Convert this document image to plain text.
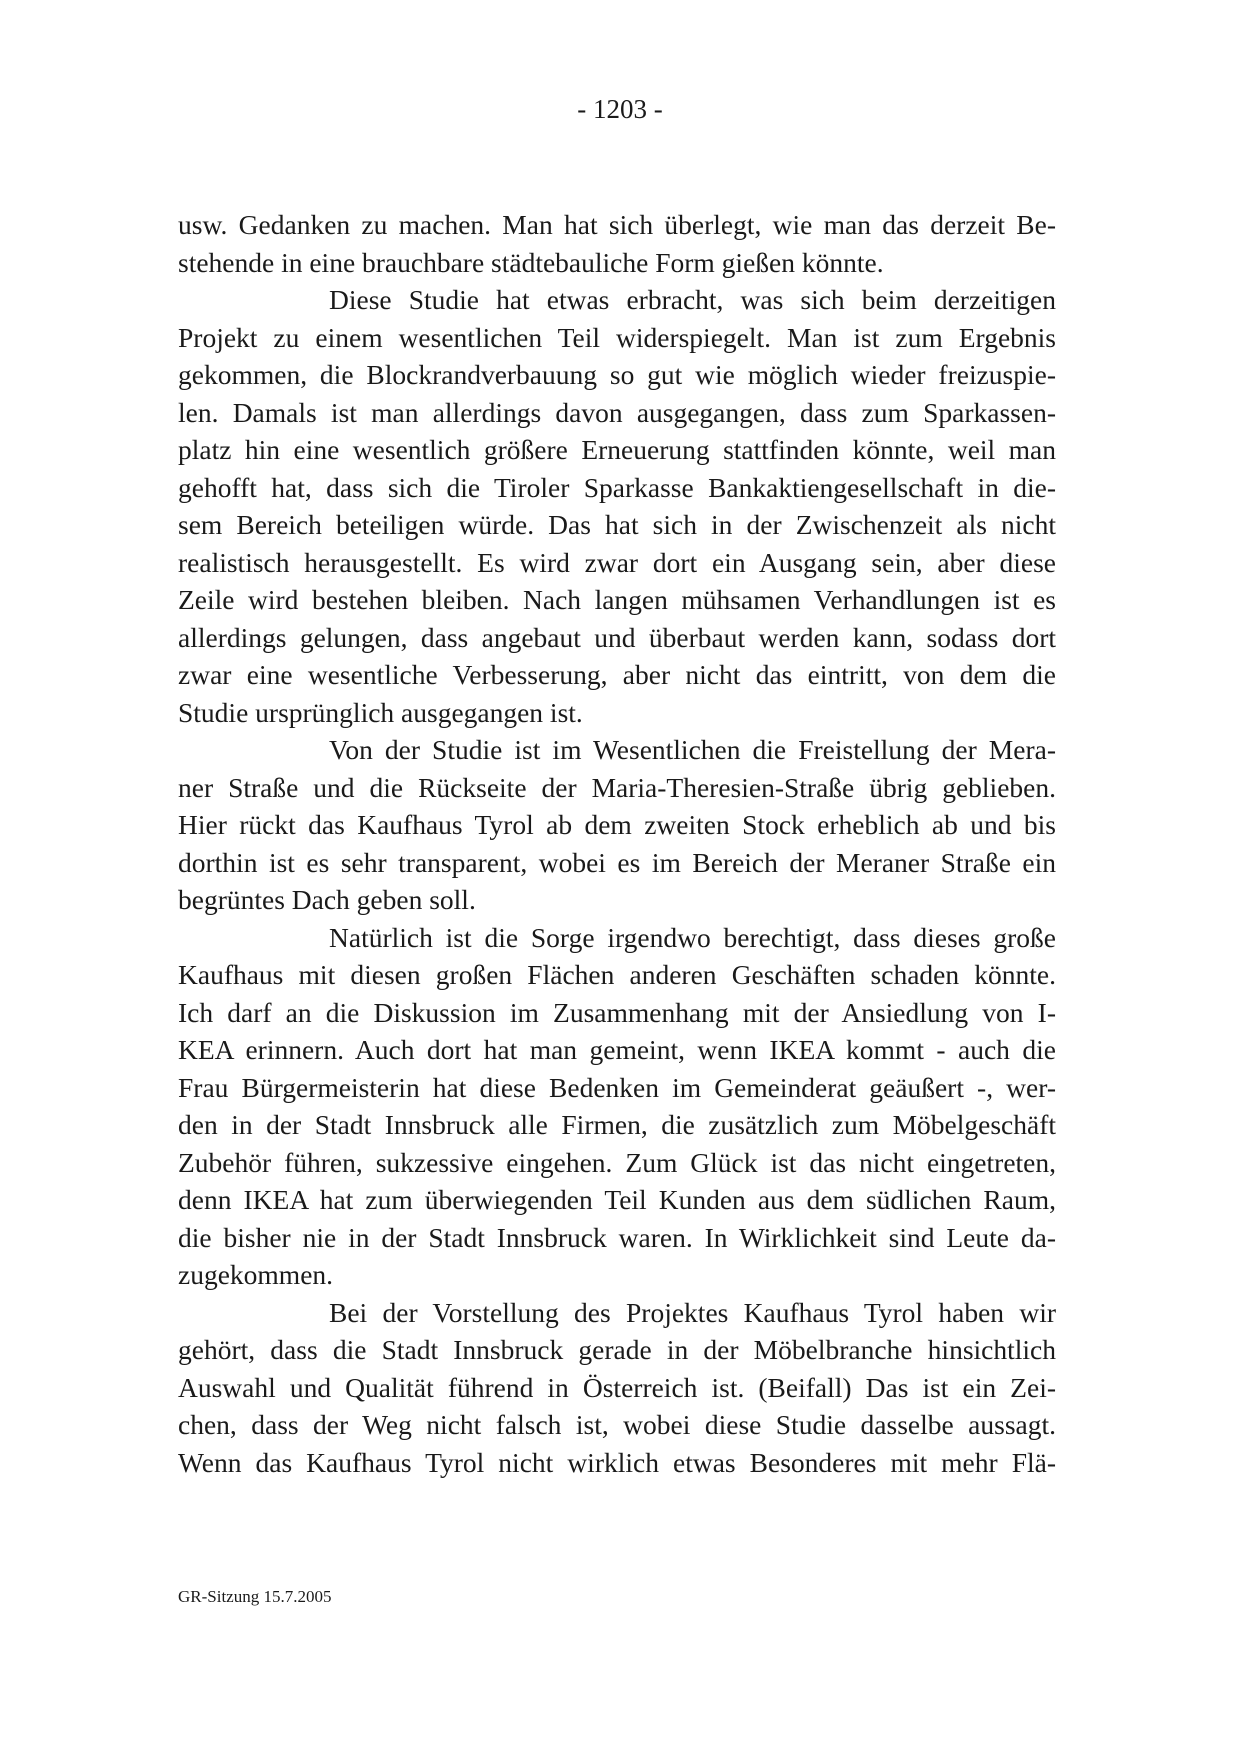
- 1203 -
usw. Gedanken zu machen. Man hat sich überlegt, wie man das derzeit Be-
stehende in eine brauchbare städtebauliche Form gießen könnte.
Diese Studie hat etwas erbracht, was sich beim derzeitigen
Projekt zu einem wesentlichen Teil widerspiegelt. Man ist zum Ergebnis
gekommen, die Blockrandverbauung so gut wie möglich wieder freizuspie-
len. Damals ist man allerdings davon ausgegangen, dass zum Sparkassen-
platz hin eine wesentlich größere Erneuerung stattfinden könnte, weil man
gehofft hat, dass sich die Tiroler Sparkasse Bankaktiengesellschaft in die-
sem Bereich beteiligen würde. Das hat sich in der Zwischenzeit als nicht
realistisch herausgestellt. Es wird zwar dort ein Ausgang sein, aber diese
Zeile wird bestehen bleiben. Nach langen mühsamen Verhandlungen ist es
allerdings gelungen, dass angebaut und überbaut werden kann, sodass dort
zwar eine wesentliche Verbesserung, aber nicht das eintritt, von dem die
Studie ursprünglich ausgegangen ist.
Von der Studie ist im Wesentlichen die Freistellung der Mera-
ner Straße und die Rückseite der Maria-Theresien-Straße übrig geblieben.
Hier rückt das Kaufhaus Tyrol ab dem zweiten Stock erheblich ab und bis
dorthin ist es sehr transparent, wobei es im Bereich der Meraner Straße ein
begrüntes Dach geben soll.
Natürlich ist die Sorge irgendwo berechtigt, dass dieses große
Kaufhaus mit diesen großen Flächen anderen Geschäften schaden könnte.
Ich darf an die Diskussion im Zusammenhang mit der Ansiedlung von I-
KEA erinnern. Auch dort hat man gemeint, wenn IKEA kommt - auch die
Frau Bürgermeisterin hat diese Bedenken im Gemeinderat geäußert -, wer-
den in der Stadt Innsbruck alle Firmen, die zusätzlich zum Möbelgeschäft
Zubehör führen, sukzessive eingehen. Zum Glück ist das nicht eingetreten,
denn IKEA hat zum überwiegenden Teil Kunden aus dem südlichen Raum,
die bisher nie in der Stadt Innsbruck waren. In Wirklichkeit sind Leute da-
zugekommen.
Bei der Vorstellung des Projektes Kaufhaus Tyrol haben wir
gehört, dass die Stadt Innsbruck gerade in der Möbelbranche hinsichtlich
Auswahl und Qualität führend in Österreich ist. (Beifall) Das ist ein Zei-
chen, dass der Weg nicht falsch ist, wobei diese Studie dasselbe aussagt.
Wenn das Kaufhaus Tyrol nicht wirklich etwas Besonderes mit mehr Flä-
GR-Sitzung 15.7.2005
